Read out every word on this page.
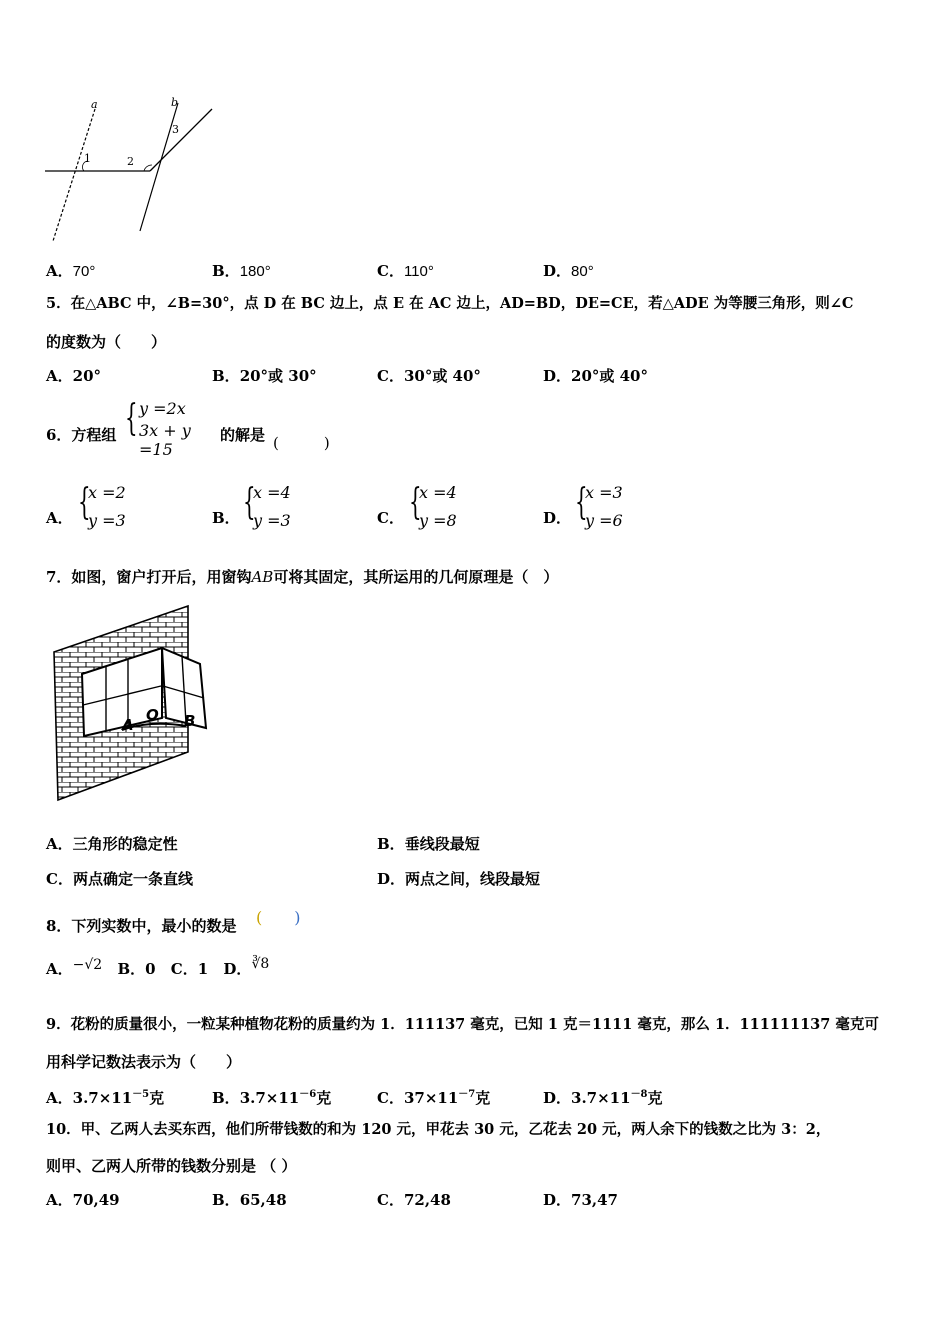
a	b
1	2
3
A．70°	B．180°	C．110°	D．80°
5．在△ABC 中，∠B=30°，点 D 在 BC 边上，点 E 在 AC 边上，AD=BD，DE=CE，若△ADE 为等腰三角形，则∠C
的度数为（　　）
A．20°	B．20°或 30°	C．30°或 40°	D．20°或 40°
6．方程组 { y =2x
3x + y =15
的解是 (　　　)
A． {
x =2
y =3	B． {
x =4
y =3	C． {
x =4
y =8	D． {
x =3
y =6
7．如图，窗户打开后，用窗钩AB可将其固定，其所运用的几何原理是（　）
A
O B
A．三角形的稳定性	B．垂线段最短
C．两点确定一条直线	D．两点之间，线段最短
8．下列实数中，最小的数是 ( )
A．−√2 B．0 C．1 D．∛8
9．花粉的质量很小，一粒某种植物花粉的质量约为 1．111137 毫克，已知 1 克＝1111 毫克，那么 1．111111137 毫克可
用科学记数法表示为（　　）
A．$3.7\times 11^{-5}$克	B．$3.7\times 11^{-6}$克	C．$37\times 11^{-7}$克	D．$3.7\times 11^{-8}$克
10．甲、乙两人去买东西，他们所带钱数的和为 120 元，甲花去 30 元，乙花去 20 元，两人余下的钱数之比为 3：2，
则甲、乙两人所带的钱数分别是 （ ）
A．70,49	B．65,48	C．72,48	D．73,47
